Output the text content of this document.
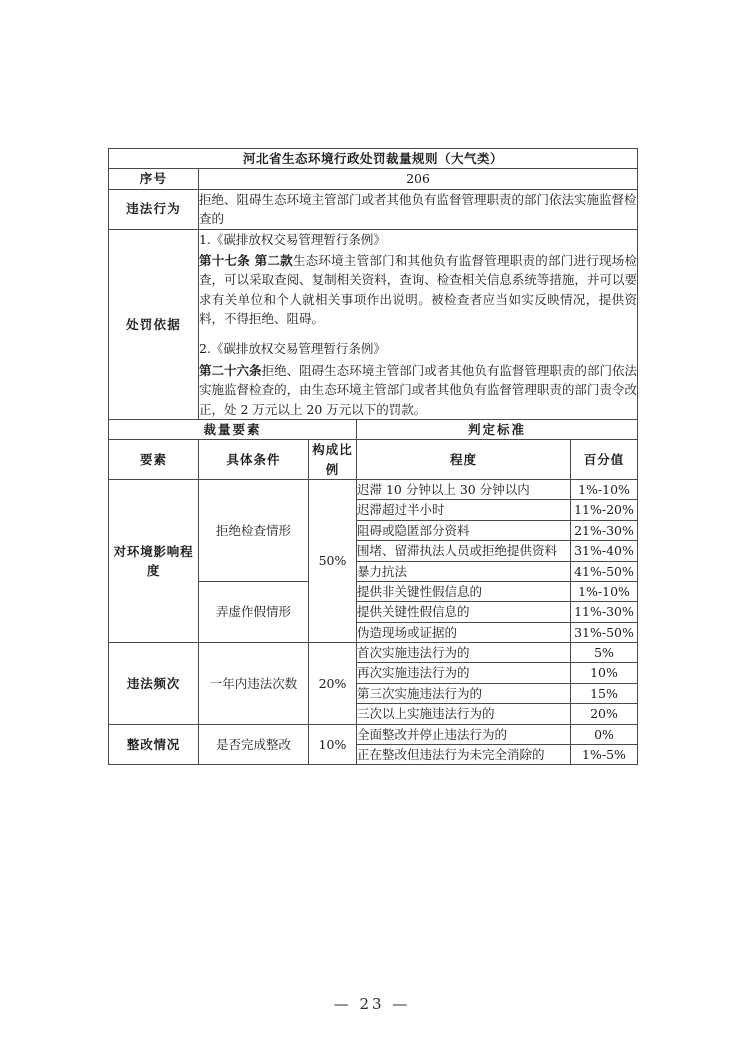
河北省生态环境行政处罚裁量规则（大气类）				
序号	206			
违法行为	拒绝、阻碍生态环境主管部门或者其他负有监督管理职责的部门依法实施监督检查的			
处罚依据	1.《碳排放权交易管理暂行条例》

第十七条 第二款生态环境主管部门和其他负有监督管理职责的部门进行现场检查，可以采取查阅、复制相关资料，查询、检查相关信息系统等措施，并可以要求有关单位和个人就相关事项作出说明。被检查者应当如实反映情况，提供资料，不得拒绝、阻碍。

2.《碳排放权交易管理暂行条例》

第二十六条拒绝、阻碍生态环境主管部门或者其他负有监督管理职责的部门依法实施监督检查的，由生态环境主管部门或者其他负有监督管理职责的部门责令改正，处 2 万元以上 20 万元以下的罚款。			

裁量要素			判定标准	
要素	具体条件	构成比例	程度	百分值
对环境影响程度	拒绝检查情形	50%	迟滞 10 分钟以上 30 分钟以内	1%-10%
			迟滞超过半小时	11%-20%
			阻碍或隐匿部分资料	21%-30%
			围堵、留滞执法人员或拒绝提供资料	31%-40%
			暴力抗法	41%-50%
	弄虚作假情形		提供非关键性假信息的	1%-10%
			提供关键性假信息的	11%-30%
			伪造现场或证据的	31%-50%
违法频次	一年内违法次数	20%	首次实施违法行为的	5%
			再次实施违法行为的	10%
			第三次实施违法行为的	15%
			三次以上实施违法行为的	20%
整改情况	是否完成整改	10%	全面整改并停止违法行为的	0%
			正在整改但违法行为未完全消除的	1%-5%
— 23 —
